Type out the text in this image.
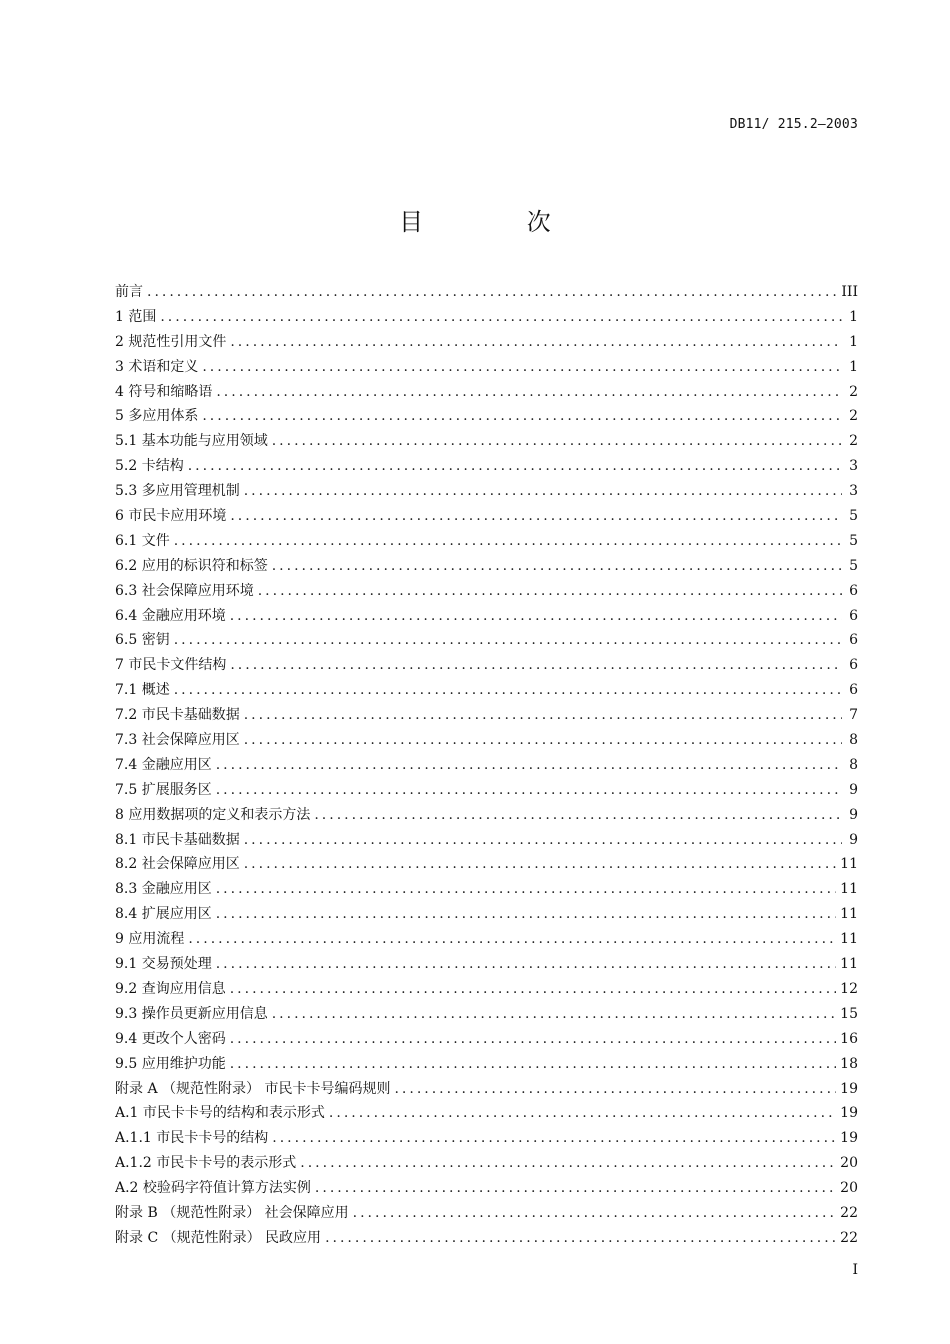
DB11/ 215.2—2003
目 次
前言 .....	III
1 范围 .....	1
2 规范性引用文件 .....	1
3 术语和定义 .....	1
4 符号和缩略语 .....	2
5 多应用体系 .....	2
5.1 基本功能与应用领域 .....	2
5.2 卡结构 .....	3
5.3 多应用管理机制 .....	3
6 市民卡应用环境 .....	5
6.1 文件 .....	5
6.2 应用的标识符和标签 .....	5
6.3 社会保障应用环境 .....	6
6.4 金融应用环境 .....	6
6.5 密钥 .....	6
7 市民卡文件结构 .....	6
7.1 概述 .....	6
7.2 市民卡基础数据 .....	7
7.3 社会保障应用区 .....	8
7.4 金融应用区 .....	8
7.5 扩展服务区 .....	9
8 应用数据项的定义和表示方法 .....	9
8.1 市民卡基础数据 .....	9
8.2 社会保障应用区 .....	11
8.3 金融应用区 .....	11
8.4 扩展应用区 .....	11
9 应用流程 .....	11
9.1 交易预处理 .....	11
9.2 查询应用信息 .....	12
9.3 操作员更新应用信息 .....	15
9.4 更改个人密码 .....	16
9.5 应用维护功能 .....	18
附录 A （规范性附录） 市民卡卡号编码规则 .....	19
A.1 市民卡卡号的结构和表示形式 .....	19
A.1.1 市民卡卡号的结构 .....	19
A.1.2 市民卡卡号的表示形式 .....	20
A.2 校验码字符值计算方法实例 .....	20
附录 B （规范性附录） 社会保障应用 .....	22
附录 C （规范性附录） 民政应用 .....	22
I
